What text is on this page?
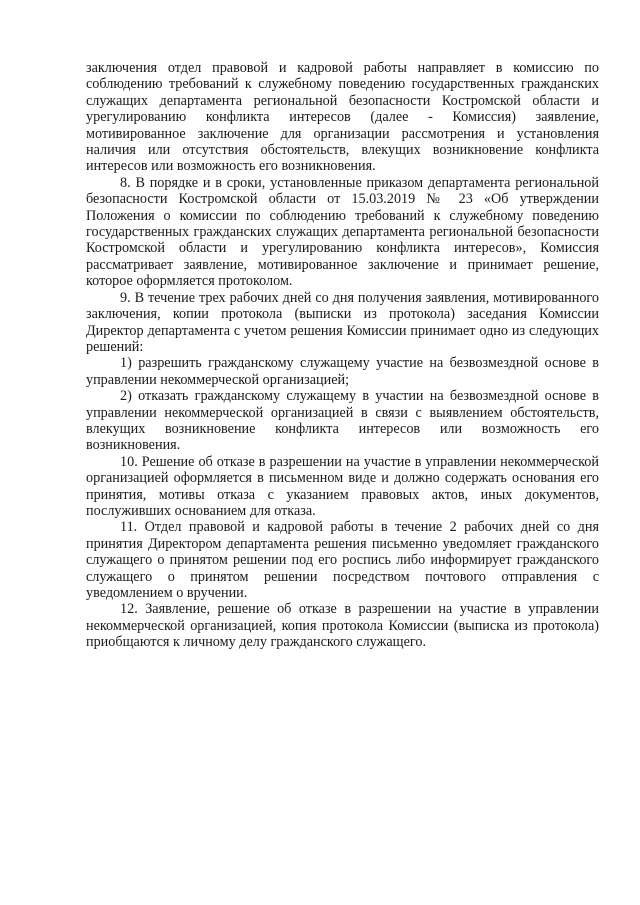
заключения отдел правовой и кадровой работы направляет в комиссию по соблюдению требований к служебному поведению государственных гражданских служащих департамента региональной безопасности Костромской области и урегулированию конфликта интересов (далее - Комиссия) заявление, мотивированное заключение для организации рассмотрения и установления наличия или отсутствия обстоятельств, влекущих возникновение конфликта интересов или возможность его возникновения.

8. В порядке и в сроки, установленные приказом департамента региональной безопасности Костромской области от 15.03.2019 № 23 «Об утверждении Положения о комиссии по соблюдению требований к служебному поведению государственных гражданских служащих департамента региональной безопасности Костромской области и урегулированию конфликта интересов», Комиссия рассматривает заявление, мотивированное заключение и принимает решение, которое оформляется протоколом.

9. В течение трех рабочих дней со дня получения заявления, мотивированного заключения, копии протокола (выписки из протокола) заседания Комиссии Директор департамента с учетом решения Комиссии принимает одно из следующих решений:

1) разрешить гражданскому служащему участие на безвозмездной основе в управлении некоммерческой организацией;

2) отказать гражданскому служащему в участии на безвозмездной основе в управлении некоммерческой организацией в связи с выявлением обстоятельств, влекущих возникновение конфликта интересов или возможность его возникновения.

10. Решение об отказе в разрешении на участие в управлении некоммерческой организацией оформляется в письменном виде и должно содержать основания его принятия, мотивы отказа с указанием правовых актов, иных документов, послуживших основанием для отказа.

11. Отдел правовой и кадровой работы в течение 2 рабочих дней со дня принятия Директором департамента решения письменно уведомляет гражданского служащего о принятом решении под его роспись либо информирует гражданского служащего о принятом решении посредством почтового отправления с уведомлением о вручении.

12. Заявление, решение об отказе в разрешении на участие в управлении некоммерческой организацией, копия протокола Комиссии (выписка из протокола) приобщаются к личному делу гражданского служащего.
